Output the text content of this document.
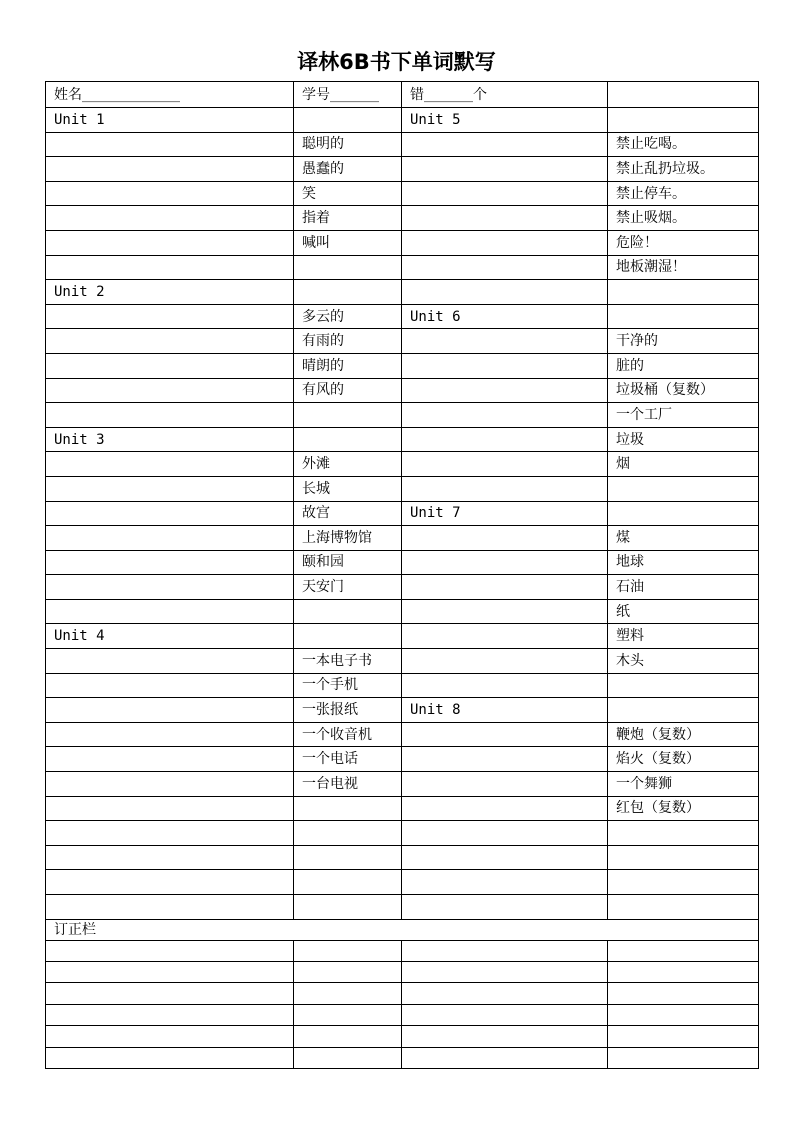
译林6B书下单词默写
姓名______________	学号_______	错_______个	
Unit 1		Unit 5	
	聪明的		禁止吃喝。
	愚蠢的		禁止乱扔垃圾。
	笑		禁止停车。
	指着		禁止吸烟。
	喊叫		危险！
			地板潮湿！
Unit 2			
	多云的	Unit 6	
	有雨的		干净的
	晴朗的		脏的
	有风的		垃圾桶（复数）
			一个工厂
Unit 3			垃圾
	外滩		烟
	长城		
	故宫	Unit 7	
	上海博物馆		煤
	颐和园		地球
	天安门		石油
			纸
Unit 4			塑料
	一本电子书		木头
	一个手机		
	一张报纸	Unit 8	
	一个收音机		鞭炮（复数）
	一个电话		焰火（复数）
	一台电视		一个舞狮
			红包（复数）

订正栏			
